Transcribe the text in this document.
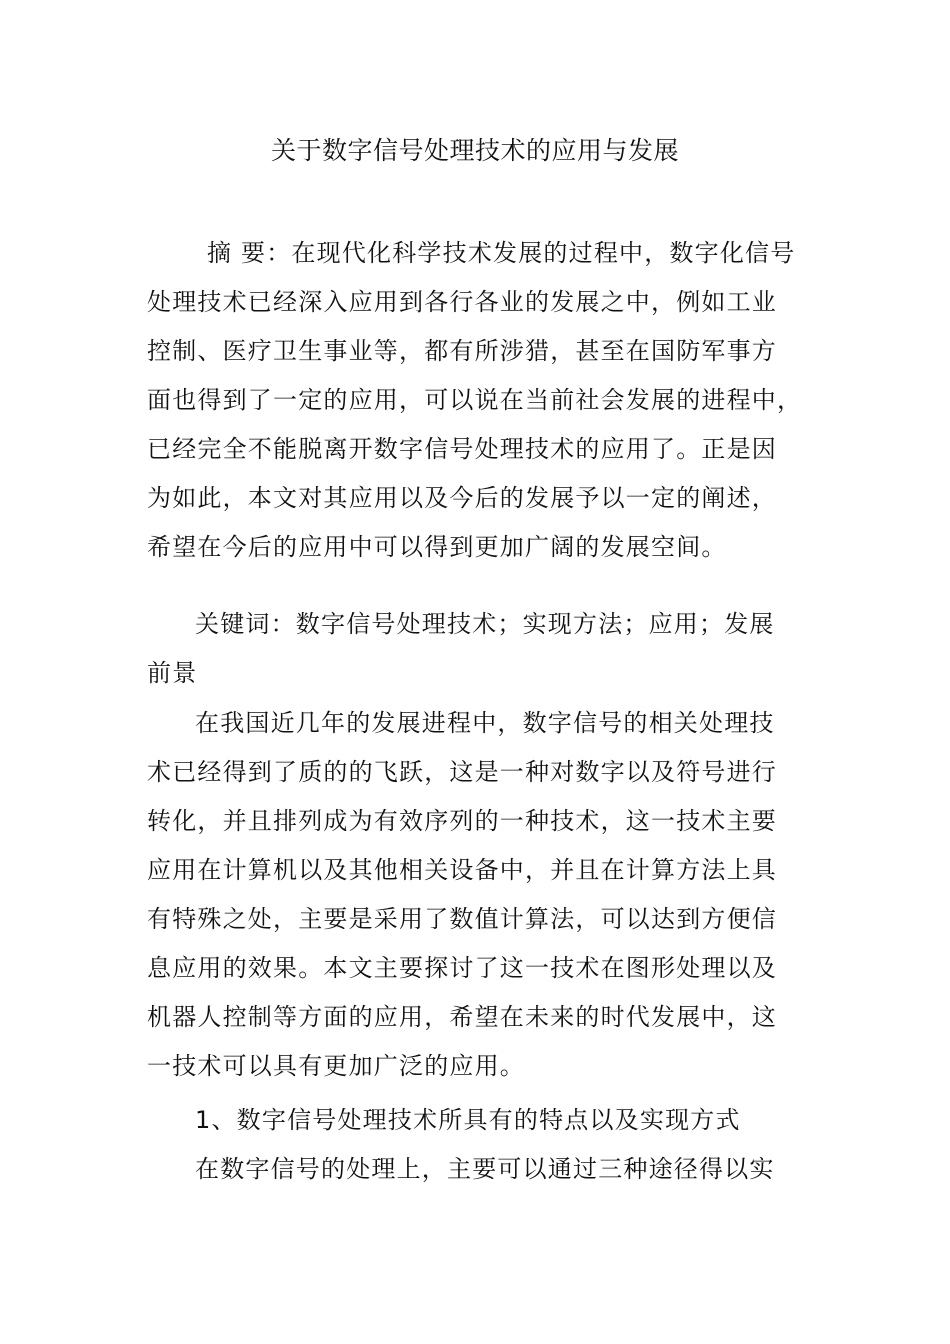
关于数字信号处理技术的应用与发展
摘 要：在现代化科学技术发展的过程中，数字化信号
处理技术已经深入应用到各行各业的发展之中，例如工业
控制、医疗卫生事业等，都有所涉猎，甚至在国防军事方
面也得到了一定的应用，可以说在当前社会发展的进程中，
已经完全不能脱离开数字信号处理技术的应用了。正是因
为如此，本文对其应用以及今后的发展予以一定的阐述，
希望在今后的应用中可以得到更加广阔的发展空间。
关键词：数字信号处理技术；实现方法；应用；发展
前景
在我国近几年的发展进程中，数字信号的相关处理技
术已经得到了质的的飞跃，这是一种对数字以及符号进行
转化，并且排列成为有效序列的一种技术，这一技术主要
应用在计算机以及其他相关设备中，并且在计算方法上具
有特殊之处，主要是采用了数值计算法，可以达到方便信
息应用的效果。本文主要探讨了这一技术在图形处理以及
机器人控制等方面的应用，希望在未来的时代发展中，这
一技术可以具有更加广泛的应用。
1、数字信号处理技术所具有的特点以及实现方式
在数字信号的处理上，主要可以通过三种途径得以实
